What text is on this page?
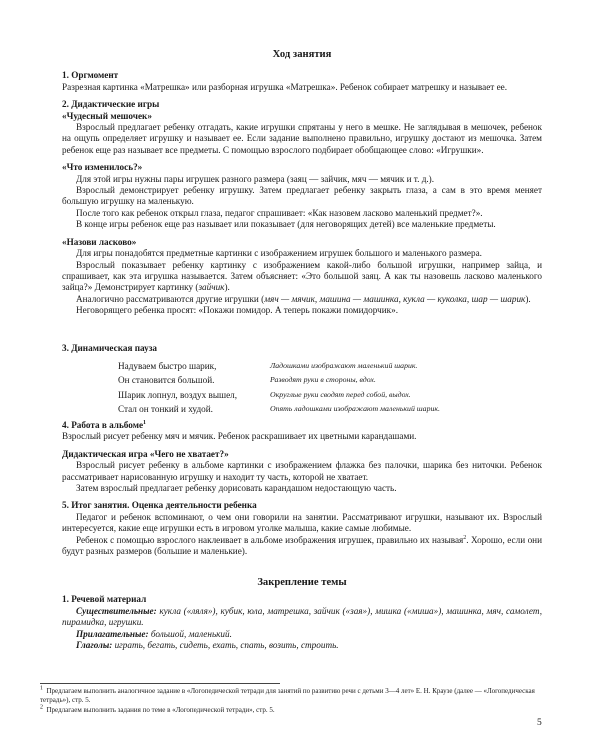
Ход занятия

1. Оргмомент

Разрезная картинка «Матрешка» или разборная игрушка «Матрешка». Ребенок собирает матрешку и называет ее.

2. Дидактические игры

«Чудесный мешочек»

Взрослый предлагает ребенку отгадать, какие игрушки спрятаны у него в мешке. Не заглядывая в мешочек, ребенок на ощупь определяет игрушку и называет ее. Если задание выполнено правильно, игрушку достают из мешочка. Затем ребенок еще раз называет все предметы. С помощью взрослого подбирает обобщающее слово: «Игрушки».

«Что изменилось?»

Для этой игры нужны пары игрушек разного размера (заяц — зайчик, мяч — мячик и т. д.).

Взрослый демонстрирует ребенку игрушку. Затем предлагает ребенку закрыть глаза, а сам в это время меняет большую игрушку на маленькую.

После того как ребенок открыл глаза, педагог спрашивает: «Как назовем ласково маленький предмет?».

В конце игры ребенок еще раз называет или показывает (для неговорящих детей) все маленькие предметы.

«Назови ласково»

Для игры понадобятся предметные картинки с изображением игрушек большого и маленького размера.

Взрослый показывает ребенку картинку с изображением какой-либо большой игрушки, например зайца, и спрашивает, как эта игрушка называется. Затем объясняет: «Это большой заяц. А как ты назовешь ласково маленького зайца?» Демонстрирует картинку (зайчик).

Аналогично рассматриваются другие игрушки (мяч — мячик, машина — машинка, кукла — куколка, шар — шарик).

Неговорящего ребенка просят: «Покажи помидор. А теперь покажи помидорчик».

3. Динамическая пауза

Надуваем быстро шарик,	Ладошками изображают маленький шарик.
Он становится большой.	Разводят руки в стороны, вдох.
Шарик лопнул, воздух вышел,	Округлые руки сводят перед собой, выдох.
Стал он тонкий и худой.	Опять ладошками изображают маленький шарик.

4. Работа в альбоме$^1$

Взрослый рисует ребенку мяч и мячик. Ребенок раскрашивает их цветными карандашами.

Дидактическая игра «Чего не хватает?»

Взрослый рисует ребенку в альбоме картинки с изображением флажка без палочки, шарика без ниточки. Ребенок рассматривает нарисованную игрушку и находит ту часть, которой не хватает.

Затем взрослый предлагает ребенку дорисовать карандашом недостающую часть.

5. Итог занятия. Оценка деятельности ребенка

Педагог и ребенок вспоминают, о чем они говорили на занятии. Рассматривают игрушки, называют их. Взрослый интересуется, какие еще игрушки есть в игровом уголке малыша, какие самые любимые.

Ребенок с помощью взрослого наклеивает в альбоме изображения игрушек, правильно их называя$^2$. Хорошо, если они будут разных размеров (большие и маленькие).

Закрепление темы

1. Речевой материал

Существительные: кукла («ляля»), кубик, юла, матрешка, зайчик («зая»), мишка («миша»), машинка, мяч, самолет, пирамидка, игрушки.

Прилагательные: большой, маленький.

Глаголы: играть, бегать, сидеть, ехать, спать, возить, строить.

$^1$ Предлагаем выполнить аналогичное задание в «Логопедической тетради для занятий по развитию речи с детьми 3—4 лет» Е. Н. Краузе (далее — «Логопедическая тетрадь»), стр. 5.
$^2$ Предлагаем выполнить задания по теме в «Логопедической тетради», стр. 5.
5
